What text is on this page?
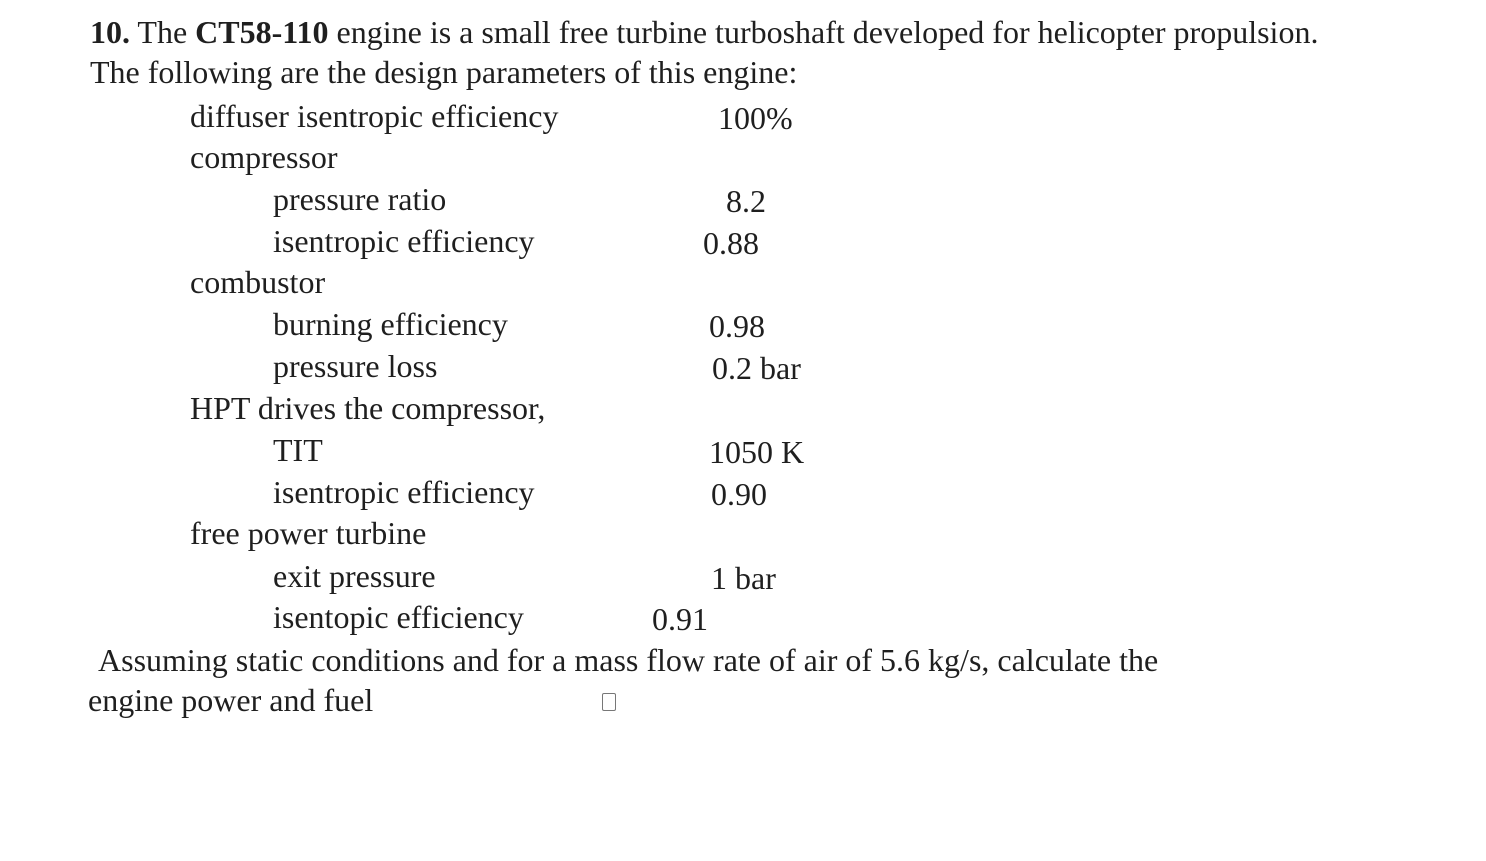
10. The CT58-110 engine is a small free turbine turboshaft developed for helicopter propulsion. The following are the design parameters of this engine:

diffuser isentropic efficiency	100%
compressor
pressure ratio	8.2
isentropic efficiency	0.88
combustor
burning efficiency	0.98
pressure loss	0.2 bar
HPT drives the compressor,
TIT	1050 K
isentropic efficiency	0.90
free power turbine
exit pressure	1 bar
isentopic efficiency	0.91
Assuming static conditions and for a mass flow rate of air of 5.6 kg/s, calculate the
engine power and fuel
